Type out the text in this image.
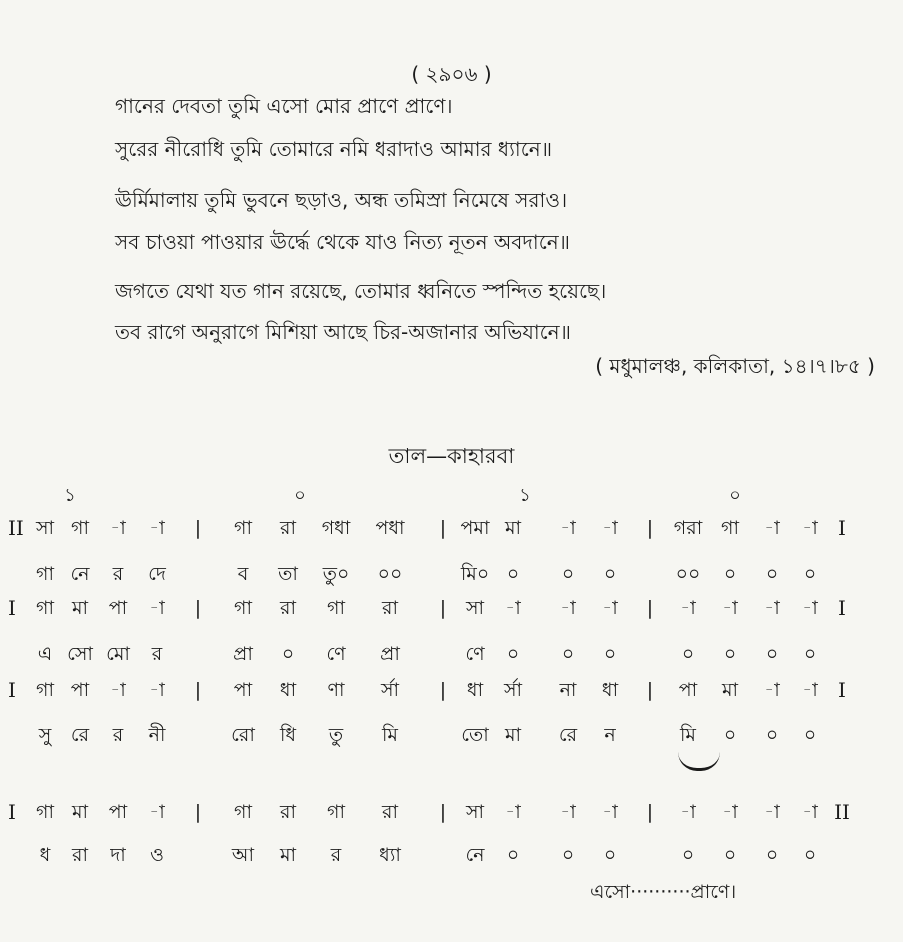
( ২৯০৬ )
গানের দেবতা তুমি এসো মোর প্রাণে প্রাণে।
সুরের নীরোধি তুমি তোমারে নমি ধরাদাও আমার ধ্যানে॥
ঊর্মিমালায় তুমি ভুবনে ছড়াও, অন্ধ তমিস্রা নিমেষে সরাও।
সব চাওয়া পাওয়ার ঊর্দ্ধে থেকে যাও নিত্য নূতন অবদানে॥
জগতে যেথা যত গান রয়েছে, তোমার ধ্বনিতে স্পন্দিত হয়েছে।
তব রাগে অনুরাগে মিশিয়া আছে চির-অজানার অভিযানে॥
( মধুমালঞ্চ, কলিকাতা, ১৪।৭।৮৫ )
তাল—কাহারবা
১	০	১	০
II	I
সা গা -া -া | গা রা গধা পধা | পমা মা -া -া | গরা গা -া -া
গা নে র দে	ব তা তু০ ০০	মি০ ০ ০ ০	০০ ০ ০ ০
I	I
গা মা পা -া | গা রা গা রা | সা -া -া -া | -া -া -া -া
এ সো মো র	প্রা ০ ণে প্রা	ণে ০ ০ ০	০ ০ ০ ০
I	I
গা পা -া -া | পা ধা ণা র্সা | ধা র্সা না ধা | পা মা -া -া
সু রে র নী	রো ধি তু মি	তো মা রে ন	মি ০ ০ ০
I	II
গা মা পা -া | গা রা গা রা | সা -া -া -া | -া -া -া -া
ধ রা দা ও	আ মা র ধ্যা	নে ০ ০ ০	০ ০ ০ ০
এসো··········প্রাণে।
